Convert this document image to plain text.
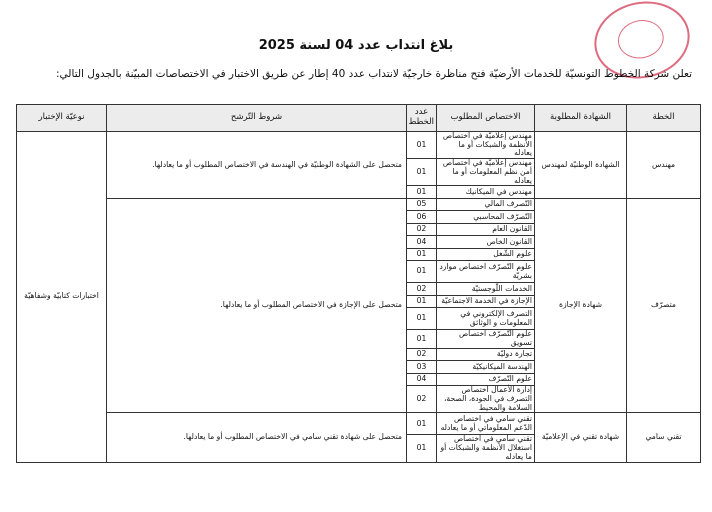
بلاغ انتداب عدد 04 لسنة 2025
تعلن شركة الخطوط التونسيّة للخدمات الأرضيّة فتح مناظرة خارجيّة لانتداب عدد 40 إطار عن طريق الاختبار في الاختصاصات المبيّنة بالجدول التالي:
الخطة	الشهادة المطلوبة	الاختصاص المطلوب	عدد الخطط	شروط التّرشح	نوعيّة الإختبار
مهندس	الشهادة الوطنيّة لمهندس	مهندس إعلاميّة في اختصاص الأنظمة والشبكات أو ما يعادله	01	متحصل على الشهادة الوطنيّة في الهندسة في الاختصاص المطلوب أو ما يعادلها.	اختبارات كتابيّة وشفاهيّة
		مهندس إعلاميّة في اختصاص أمن نظم المعلومات أو ما يعادله	01		
		مهندس في الميكانيك	01		
متصرّف	شهادة الإجازة	التّصرف المالي	05	متحصل على الإجازة في الاختصاص المطلوب أو ما يعادلها.	
		التّصرّف المحاسبي	06		
		القانون العام	02		
		القانون الخاص	04		
		علوم الشّغل	01		
		علوم التّصرّف اختصاص موارد بشريّة	01		
		الخدمات اللّوجستيّة	02		
		الإجازة في الخدمة الاجتماعيّة	01		
		التصرف الإلكتروني في المعلومات و الوثائق	01		
		علوم التّصرّف اختصاص تسويق	01		
		تجارة دوليّة	02		
		الهندسة الميكانيكيّة	03		
		علوم التّصرّف	04		
		إدارة الأعمال اختصاص التصرف في الجودة، الصحة، السلامة والمحيط	02		
تقني سامي	شهادة تقني في الإعلاميّة	تقني سامي في اختصاص الدّعم المعلوماتي أو ما يعادله	01	متحصل على شهادة تقني سامي في الاختصاص المطلوب أو ما يعادلها.	
		تقني سامي في اختصاص استغلال الأنظمة والشبكات أو ما يعادله	01		
